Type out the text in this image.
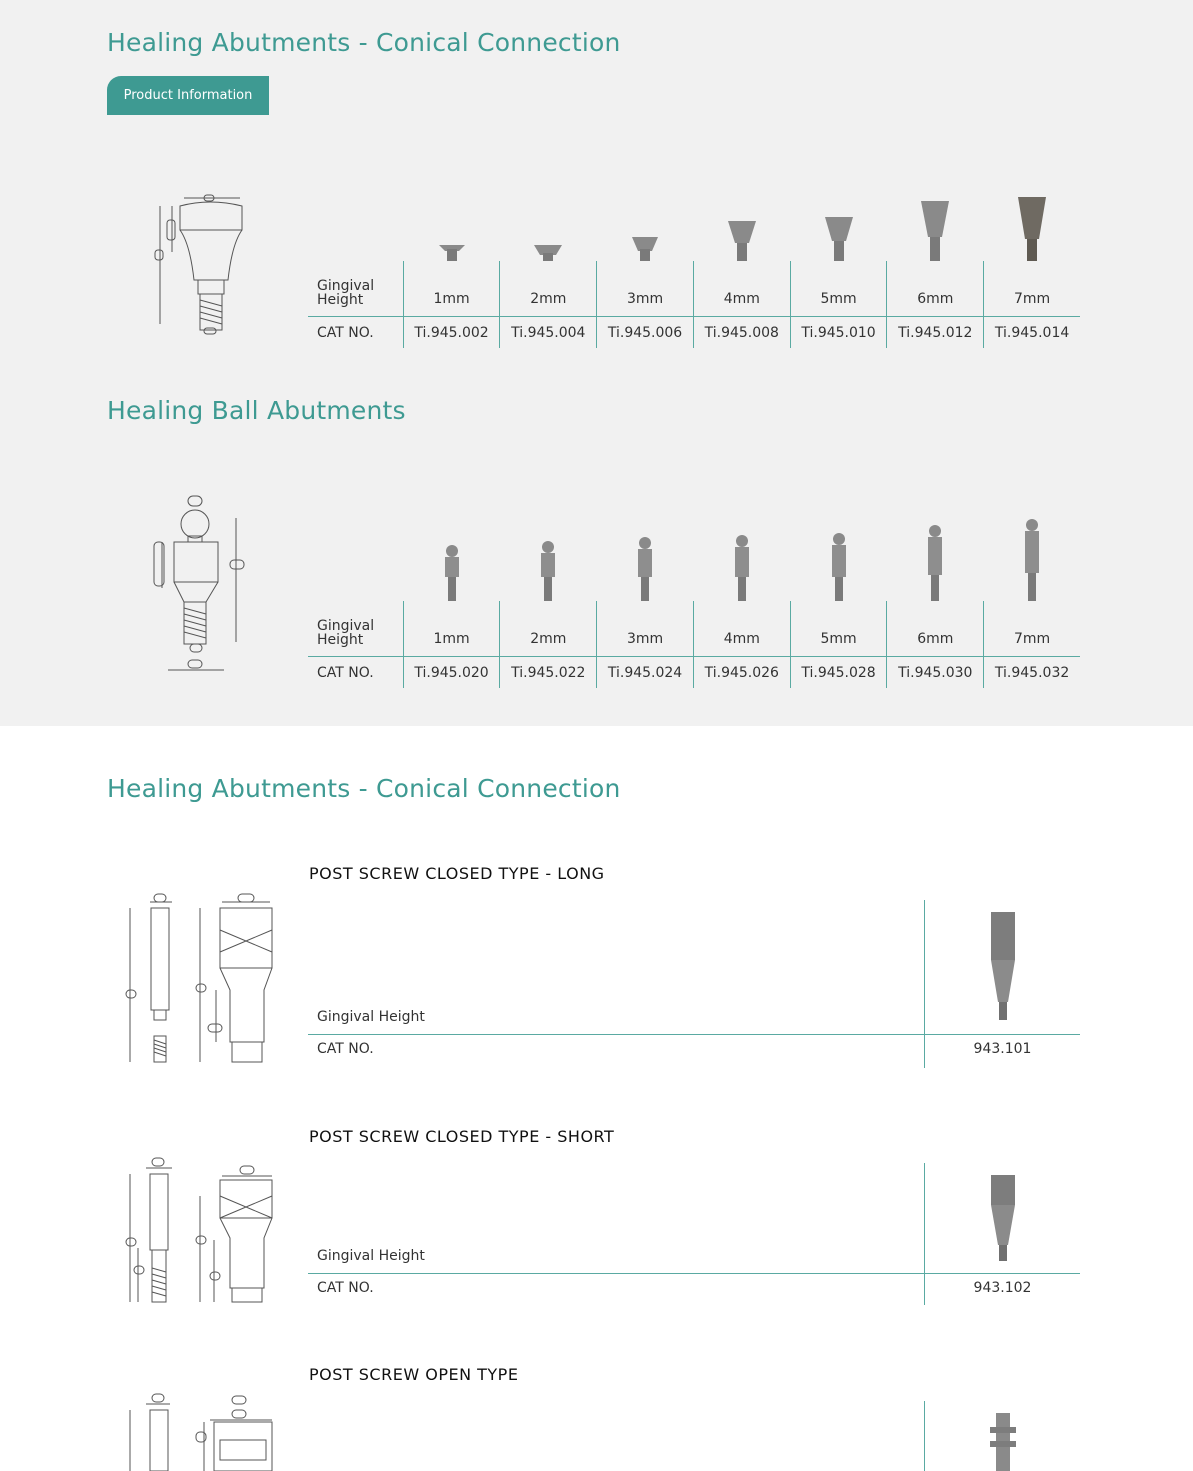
Healing Abutments - Conical Connection
Product Information

Gingival Height	1mm	2mm	3mm	4mm	5mm	6mm	7mm
CAT NO.	Ti.945.002	Ti.945.004	Ti.945.006	Ti.945.008	Ti.945.010	Ti.945.012	Ti.945.014
Healing Ball Abutments

Gingival Height	1mm	2mm	3mm	4mm	5mm	6mm	7mm
CAT NO.	Ti.945.020	Ti.945.022	Ti.945.024	Ti.945.026	Ti.945.028	Ti.945.030	Ti.945.032
Healing Abutments - Conical Connection
POST SCREW CLOSED TYPE - LONG
Gingival Height
CAT NO.	943.101
POST SCREW CLOSED TYPE - SHORT
Gingival Height
CAT NO.	943.102
POST SCREW OPEN TYPE
